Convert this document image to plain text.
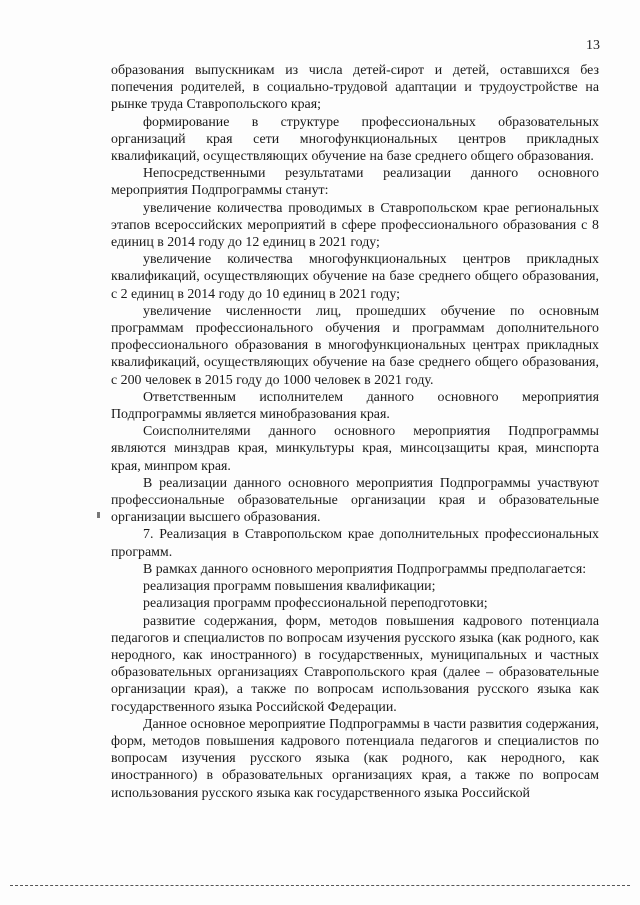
13

образования выпускникам из числа детей-сирот и детей, оставшихся без попечения родителей, в социально-трудовой адаптации и трудоустройстве на рынке труда Ставропольского края;

формирование в структуре профессиональных образовательных организаций края сети многофункциональных центров прикладных квалификаций, осуществляющих обучение на базе среднего общего образования.

Непосредственными результатами реализации данного основного мероприятия Подпрограммы станут:

увеличение количества проводимых в Ставропольском крае региональных этапов всероссийских мероприятий в сфере профессионального образования с 8 единиц в 2014 году до 12 единиц в 2021 году;

увеличение количества многофункциональных центров прикладных квалификаций, осуществляющих обучение на базе среднего общего образования, с 2 единиц в 2014 году до 10 единиц в 2021 году;

увеличение численности лиц, прошедших обучение по основным программам профессионального обучения и программам дополнительного профессионального образования в многофункциональных центрах прикладных квалификаций, осуществляющих обучение на базе среднего общего образования, с 200 человек в 2015 году до 1000 человек в 2021 году.

Ответственным исполнителем данного основного мероприятия Подпрограммы является минобразования края.

Соисполнителями данного основного мероприятия Подпрограммы являются минздрав края, минкультуры края, минсоцзащиты края, минспорта края, минпром края.

В реализации данного основного мероприятия Подпрограммы участвуют профессиональные образовательные организации края и образовательные организации высшего образования.

7. Реализация в Ставропольском крае дополнительных профессиональных программ.

В рамках данного основного мероприятия Подпрограммы предполагается:

реализация программ повышения квалификации;

реализация программ профессиональной переподготовки;

развитие содержания, форм, методов повышения кадрового потенциала педагогов и специалистов по вопросам изучения русского языка (как родного, как неродного, как иностранного) в государственных, муниципальных и частных образовательных организациях Ставропольского края (далее – образовательные организации края), а также по вопросам использования русского языка как государственного языка Российской Федерации.

Данное основное мероприятие Подпрограммы в части развития содержания, форм, методов повышения кадрового потенциала педагогов и специалистов по вопросам изучения русского языка (как родного, как неродного, как иностранного) в образовательных организациях края, а также по вопросам использования русского языка как государственного языка Российской
